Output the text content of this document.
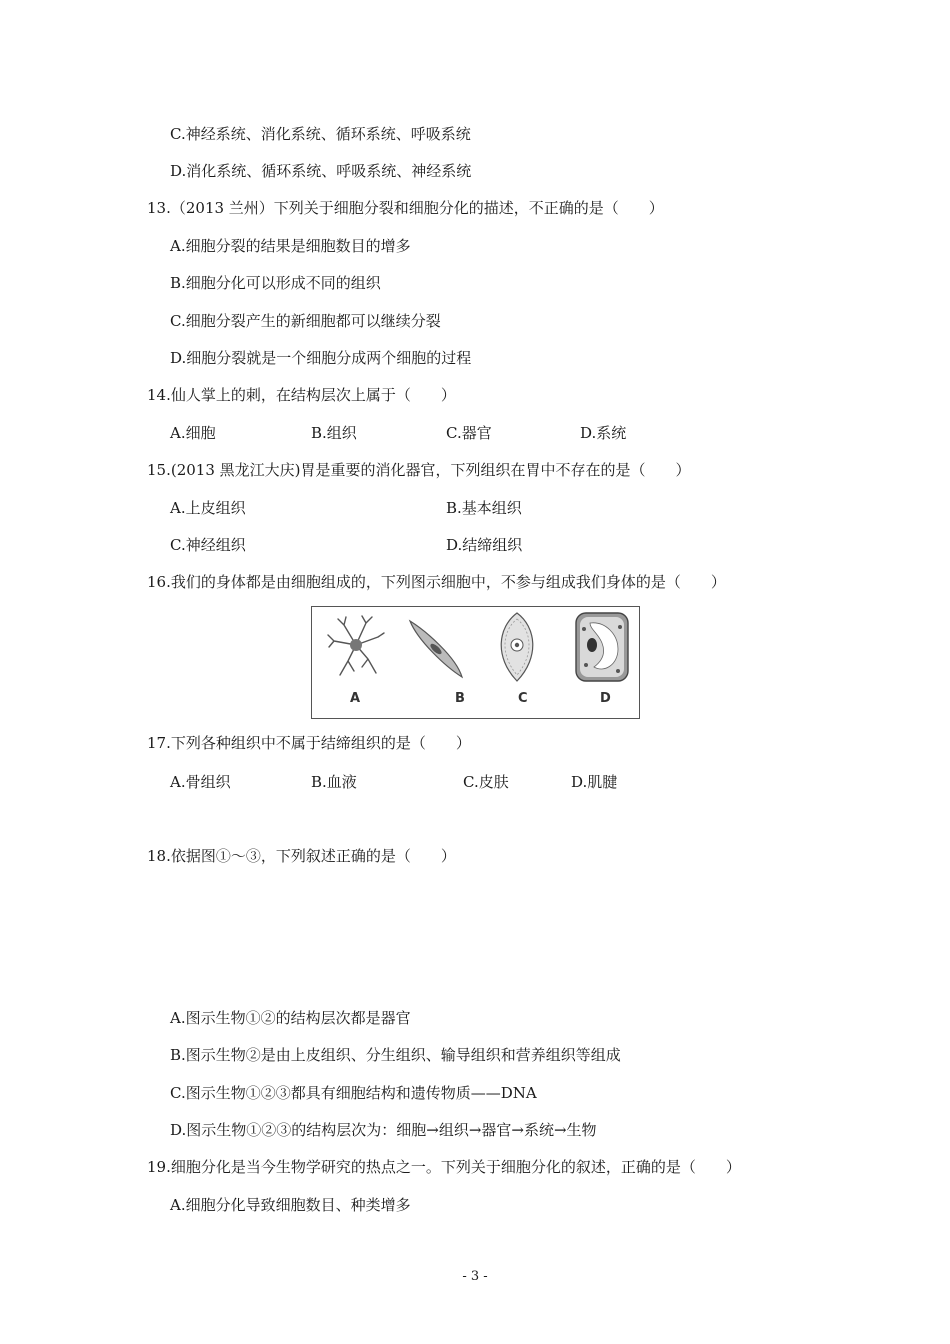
C.神经系统、消化系统、循环系统、呼吸系统
D.消化系统、循环系统、呼吸系统、神经系统
13.（2013 兰州）下列关于细胞分裂和细胞分化的描述，不正确的是（　　）
A.细胞分裂的结果是细胞数目的增多
B.细胞分化可以形成不同的组织
C.细胞分裂产生的新细胞都可以继续分裂
D.细胞分裂就是一个细胞分成两个细胞的过程
14.仙人掌上的刺，在结构层次上属于（　　）
A.细胞	B.组织	C.器官	D.系统
15.(2013 黑龙江大庆)胃是重要的消化器官，下列组织在胃中不存在的是（　　）
A.上皮组织	B.基本组织
C.神经组织	D.结缔组织
16.我们的身体都是由细胞组成的，下列图示细胞中，不参与组成我们身体的是（　　）
A	B	C	D
17.下列各种组织中不属于结缔组织的是（　　）
A.骨组织	B.血液	C.皮肤	D.肌腱
18.依据图①～③，下列叙述正确的是（　　）
A.图示生物①②的结构层次都是器官
B.图示生物②是由上皮组织、分生组织、输导组织和营养组织等组成
C.图示生物①②③都具有细胞结构和遗传物质——DNA
D.图示生物①②③的结构层次为：细胞→组织→器官→系统→生物
19.细胞分化是当今生物学研究的热点之一。下列关于细胞分化的叙述，正确的是（　　）
A.细胞分化导致细胞数目、种类增多
- 3 -
